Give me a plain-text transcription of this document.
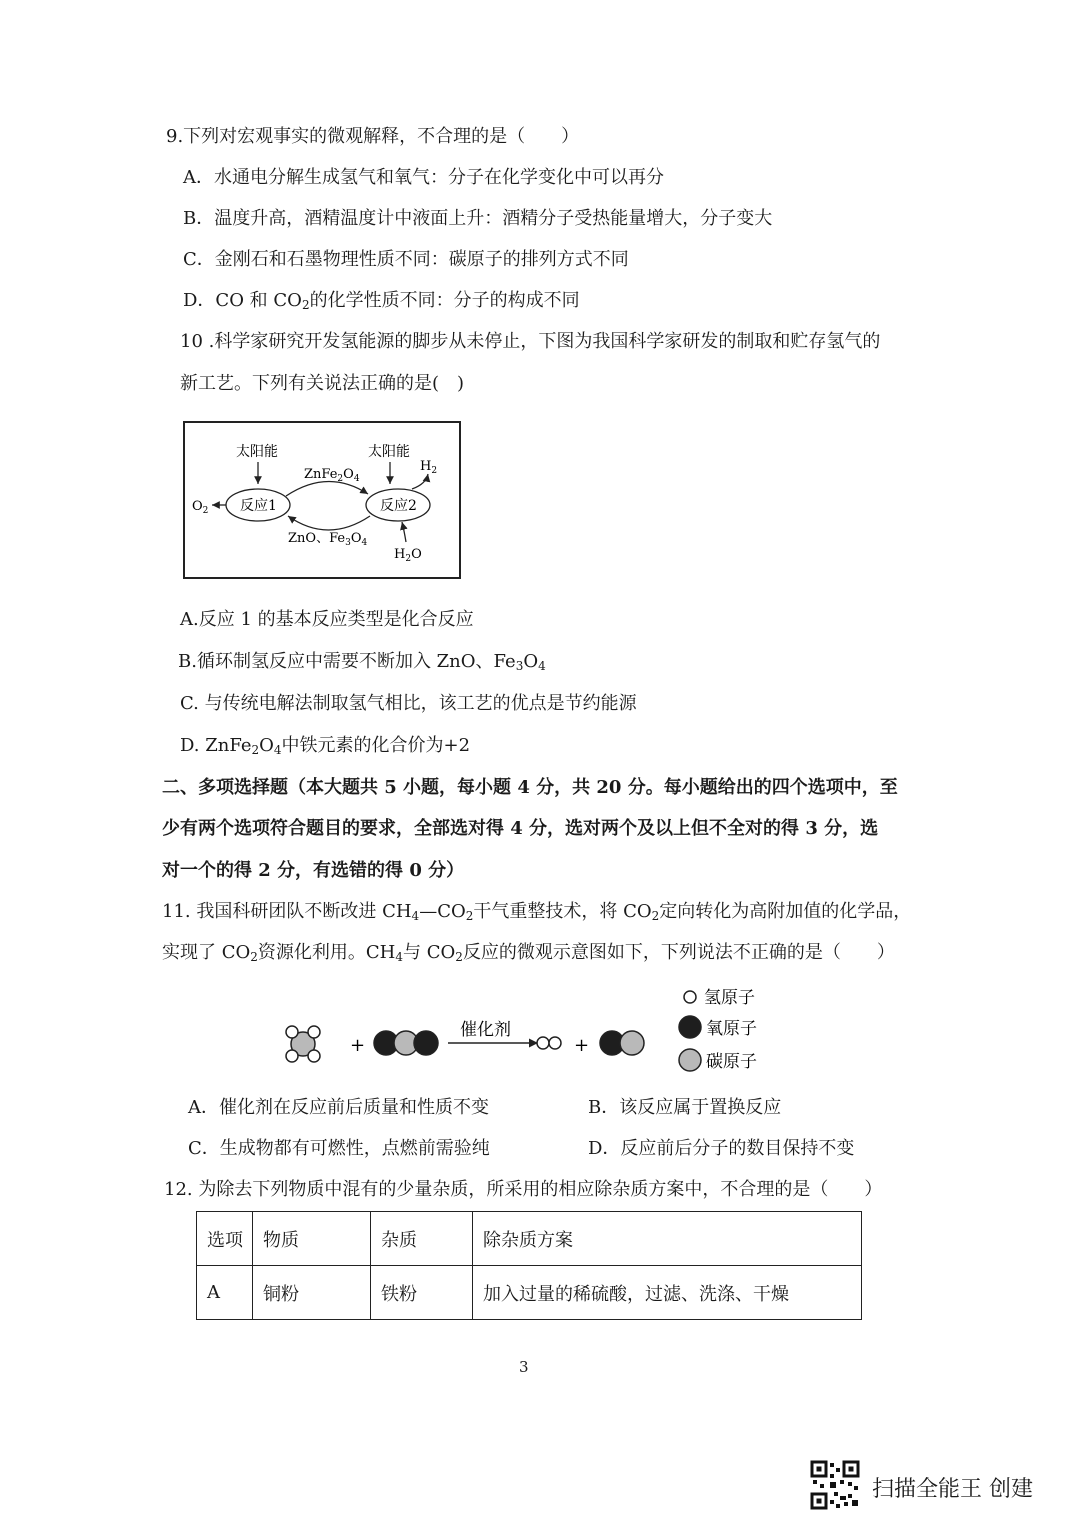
9.下列对宏观事实的微观解释，不合理的是（　　）
A．水通电分解生成氢气和氧气：分子在化学变化中可以再分
B．温度升高，酒精温度计中液面上升：酒精分子受热能量增大，分子变大
C．金刚石和石墨物理性质不同：碳原子的排列方式不同
D．CO 和 $CO_2$的化学性质不同：分子的构成不同
10 .科学家研究开发氢能源的脚步从未停止，下图为我国科学家研发的制取和贮存氢气的
新工艺。下列有关说法正确的是(　)
太阳能	太阳能
反应1	反应2
$ZnFe_2O_4$
ZnO、$Fe_3O_4$
$O_2$
$H_2$
$H_2O$
A.反应 1 的基本反应类型是化合反应
B.循环制氢反应中需要不断加入 ZnO、$Fe_3O_4$
C. 与传统电解法制取氢气相比，该工艺的优点是节约能源
D. $ZnFe_2O_4$中铁元素的化合价为+2
二、多项选择题（本大题共 5 小题，每小题 4 分，共 20 分。每小题给出的四个选项中，至
少有两个选项符合题目的要求，全部选对得 4 分，选对两个及以上但不全对的得 3 分，选
对一个的得 2 分，有选错的得 0 分）
11. 我国科研团队不断改进 $CH_4—CO_2$干气重整技术，将 $CO_2$定向转化为高附加值的化学品，
实现了 $CO_2$资源化利用。$CH_4$与 $CO_2$反应的微观示意图如下，下列说法不正确的是（　　）
+
催化剂
+
氢原子
氧原子
碳原子
A．催化剂在反应前后质量和性质不变	B．该反应属于置换反应
C．生成物都有可燃性，点燃前需验纯	D．反应前后分子的数目保持不变
12. 为除去下列物质中混有的少量杂质，所采用的相应除杂质方案中，不合理的是（　　）
选项	物质	杂质	除杂质方案
A	铜粉	铁粉	加入过量的稀硫酸，过滤、洗涤、干燥
3
扫描全能王 创建
